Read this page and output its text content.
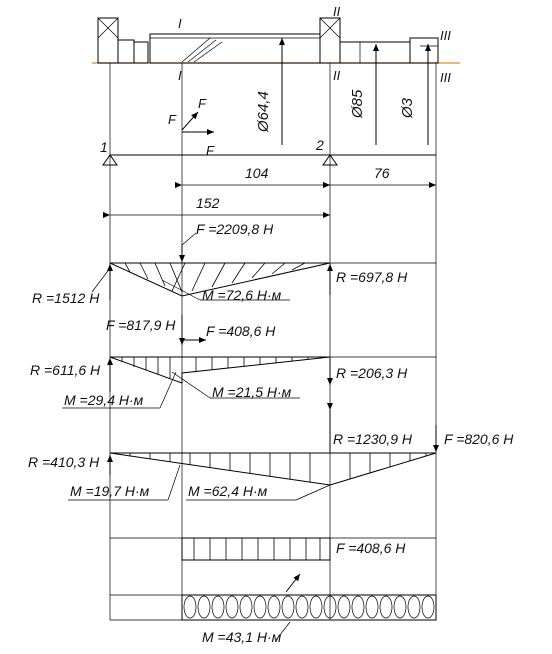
I
I
II
II
III
III
Ø64,4	Ø85 Ø3
F
F
F
1	2
104	76
152
F =2209,8 Н
R =1512 Н
R =697,8 Н
M =72,6 Н·м
F =817,9 Н F =408,6 Н
R =611,6 Н	R =206,3 Н
M =21,5 Н·м
M =29,4 Н·м
R =1230,9 Н F =820,6 Н
R =410,3 Н
M =19,7 Н·м	M =62,4 Н·м
F =408,6 Н
M =43,1 Н·м
